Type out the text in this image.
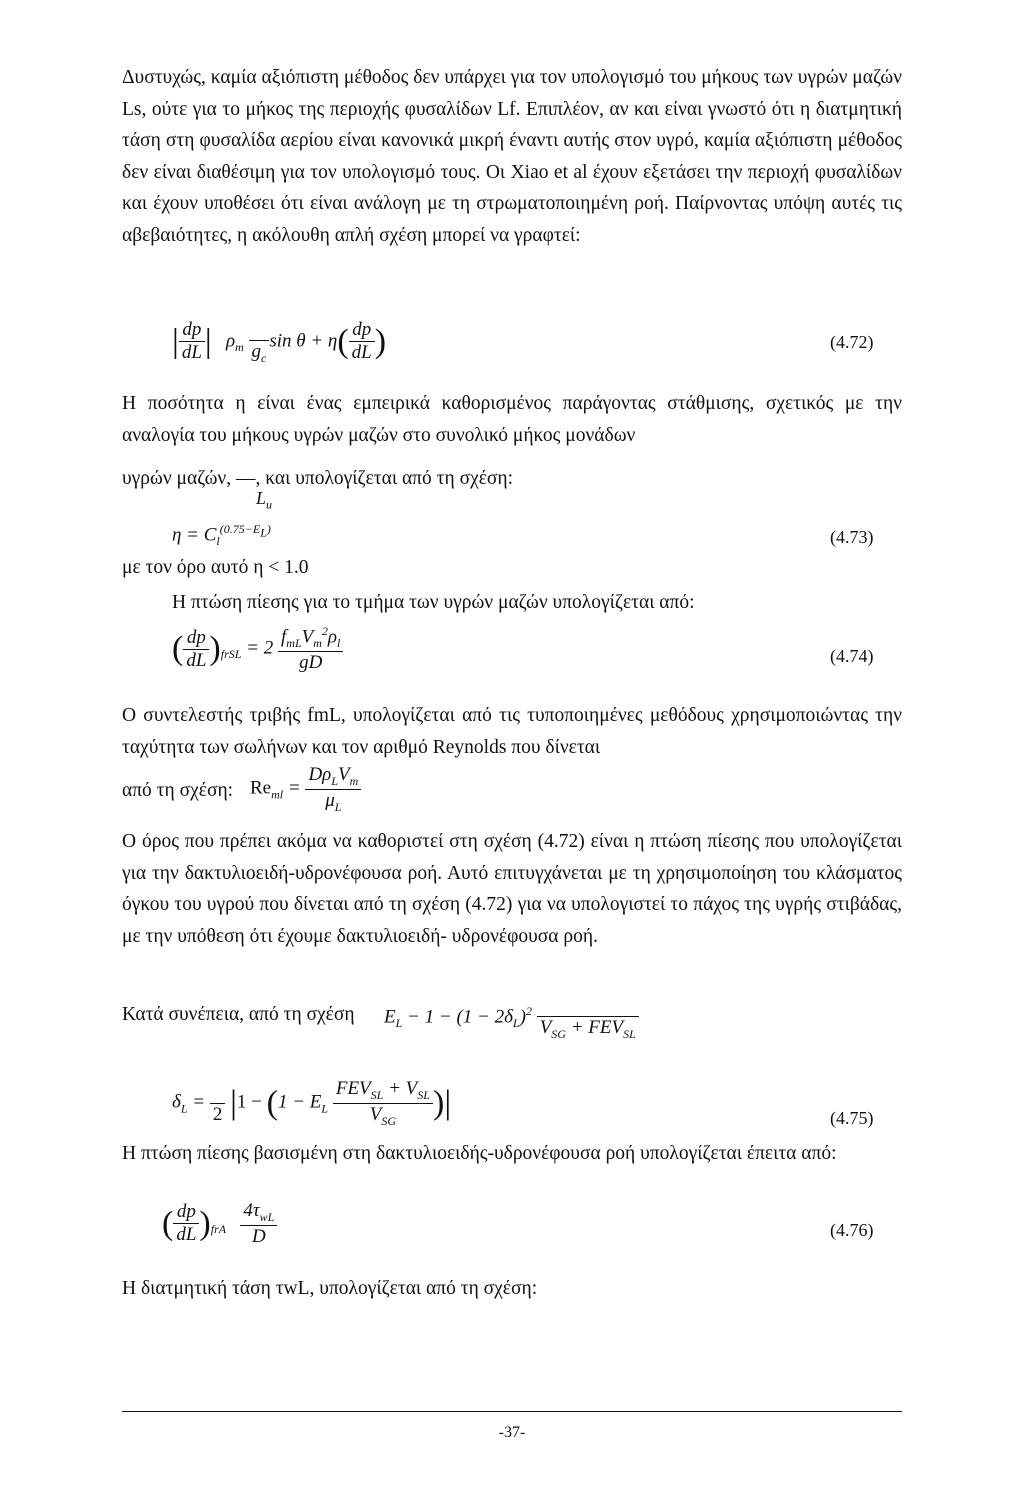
Δυστυχώς, καμία αξιόπιστη μέθοδος δεν υπάρχει για τον υπολογισμό του μήκους των υγρών μαζών Ls, ούτε για το μήκος της περιοχής φυσαλίδων Lf. Επιπλέον, αν και είναι γνωστό ότι η διατμητική τάση στη φυσαλίδα αερίου είναι κανονικά μικρή έναντι αυτής στον υγρό, καμία αξιόπιστη μέθοδος δεν είναι διαθέσιμη για τον υπολογισμό τους. Οι Xiao et al έχουν εξετάσει την περιοχή φυσαλίδων και έχουν υποθέσει ότι είναι ανάλογη με τη στρωματοποιημένη ροή. Παίρνοντας υπόψη αυτές τις αβεβαιότητες, η ακόλουθη απλή σχέση μπορεί να γραφτεί:
| $\frac{dp}{dL}$ |   $\rho_m$
$g_c$
$\sin \theta + \eta( \frac{dp}{dL}$ )	(4.72)
Η ποσότητα η είναι ένας εμπειρικά καθορισμένος παράγοντας στάθμισης, σχετικός με την αναλογία του μήκους υγρών μαζών στο συνολικό μήκος μονάδων
υγρών μαζών, —, και υπολογίζεται από τη σχέση:
$L_u$
$\eta = C_l^{(0.75-E_L)}$	(4.73)
με τον όρο αυτό η < 1.0
Η πτώση πίεσης για το τμήμα των υγρών μαζών υπολογίζεται από:
( $\frac{dp}{dL} )_{frSL} = 2 \frac{f_{mL}V_m^2\rho_l}{gD}$	(4.74)
Ο συντελεστής τριβής fmL, υπολογίζεται από τις τυποποιημένες μεθόδους χρησιμοποιώντας την ταχύτητα των σωλήνων και τον αριθμό Reynolds που δίνεται
από τη σχέση: $Re_{ml} = \frac{D\rho_LV_m}{\mu_L}$
Ο όρος που πρέπει ακόμα να καθοριστεί στη σχέση (4.72) είναι η πτώση πίεσης που υπολογίζεται για την δακτυλιοειδή-υδρονέφουσα ροή. Αυτό επιτυγχάνεται με τη χρησιμοποίηση του κλάσματος όγκου του υγρού που δίνεται από τη σχέση (4.72) για να υπολογιστεί το πάχος της υγρής στιβάδας, με την υπόθεση ότι έχουμε δακτυλιοειδή- υδρονέφουσα ροή.
Κατά συνέπεια, από τη σχέση $E_L - 1 - (1 - 2\delta_L)^2$

$V_{SG} + FEV_{SL}$
$\delta_L$ =

2 $|1 - (1 - E_L \frac{FEV_{SL} + V_{SL}}{V_{SG}}$ )|	(4.75)
Η πτώση πίεσης βασισμένη στη δακτυλιοειδής-υδρονέφουσα ροή υπολογίζεται έπειτα από:
( $\frac{dp}{dL} )_{frA} \frac{4\tau_{wL}}{D}$	(4.76)
Η διατμητική τάση τwL, υπολογίζεται από τη σχέση:
-37-
